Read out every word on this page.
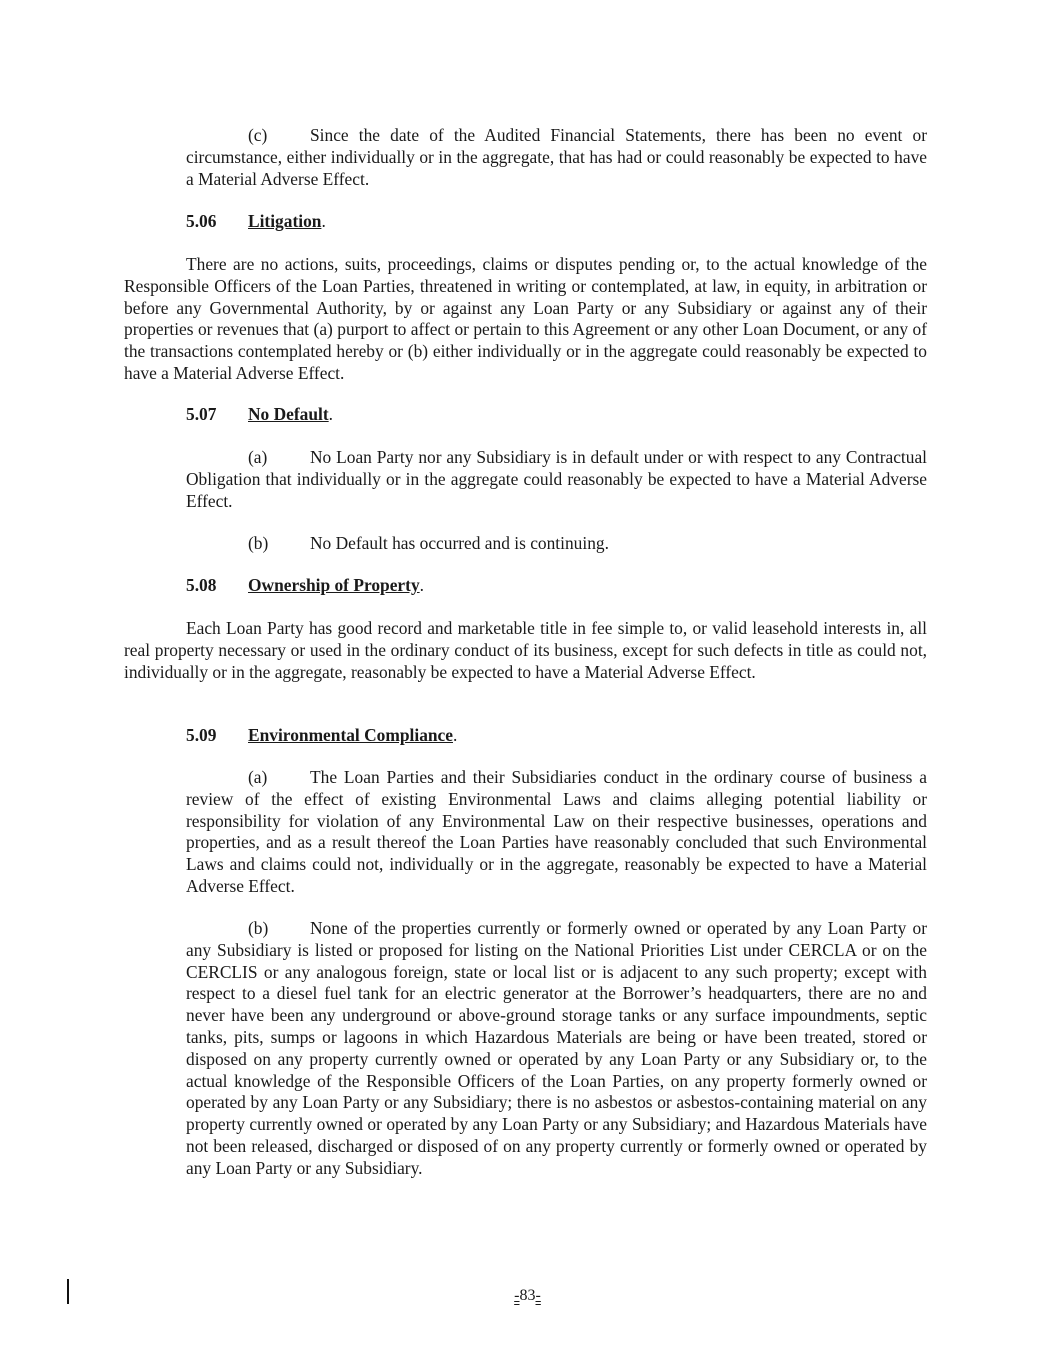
(c) Since the date of the Audited Financial Statements, there has been no event or circumstance, either individually or in the aggregate, that has had or could reasonably be expected to have a Material Adverse Effect.

5.06 Litigation.

There are no actions, suits, proceedings, claims or disputes pending or, to the actual knowledge of the Responsible Officers of the Loan Parties, threatened in writing or contemplated, at law, in equity, in arbitration or before any Governmental Authority, by or against any Loan Party or any Subsidiary or against any of their properties or revenues that (a) purport to affect or pertain to this Agreement or any other Loan Document, or any of the transactions contemplated hereby or (b) either individually or in the aggregate could reasonably be expected to have a Material Adverse Effect.

5.07 No Default.

(a) No Loan Party nor any Subsidiary is in default under or with respect to any Contractual Obligation that individually or in the aggregate could reasonably be expected to have a Material Adverse Effect.

(b) No Default has occurred and is continuing.

5.08 Ownership of Property.

Each Loan Party has good record and marketable title in fee simple to, or valid leasehold interests in, all real property necessary or used in the ordinary conduct of its business, except for such defects in title as could not, individually or in the aggregate, reasonably be expected to have a Material Adverse Effect.

5.09 Environmental Compliance.

(a) The Loan Parties and their Subsidiaries conduct in the ordinary course of business a review of the effect of existing Environmental Laws and claims alleging potential liability or responsibility for violation of any Environmental Law on their respective businesses, operations and properties, and as a result thereof the Loan Parties have reasonably concluded that such Environmental Laws and claims could not, individually or in the aggregate, reasonably be expected to have a Material Adverse Effect.

(b) None of the properties currently or formerly owned or operated by any Loan Party or any Subsidiary is listed or proposed for listing on the National Priorities List under CERCLA or on the CERCLIS or any analogous foreign, state or local list or is adjacent to any such property; except with respect to a diesel fuel tank for an electric generator at the Borrower’s headquarters, there are no and never have been any underground or above-ground storage tanks or any surface impoundments, septic tanks, pits, sumps or lagoons in which Hazardous Materials are being or have been treated, stored or disposed on any property currently owned or operated by any Loan Party or any Subsidiary or, to the actual knowledge of the Responsible Officers of the Loan Parties, on any property formerly owned or operated by any Loan Party or any Subsidiary; there is no asbestos or asbestos-containing material on any property currently owned or operated by any Loan Party or any Subsidiary; and Hazardous Materials have not been released, discharged or disposed of on any property currently or formerly owned or operated by any Loan Party or any Subsidiary.

-83-
